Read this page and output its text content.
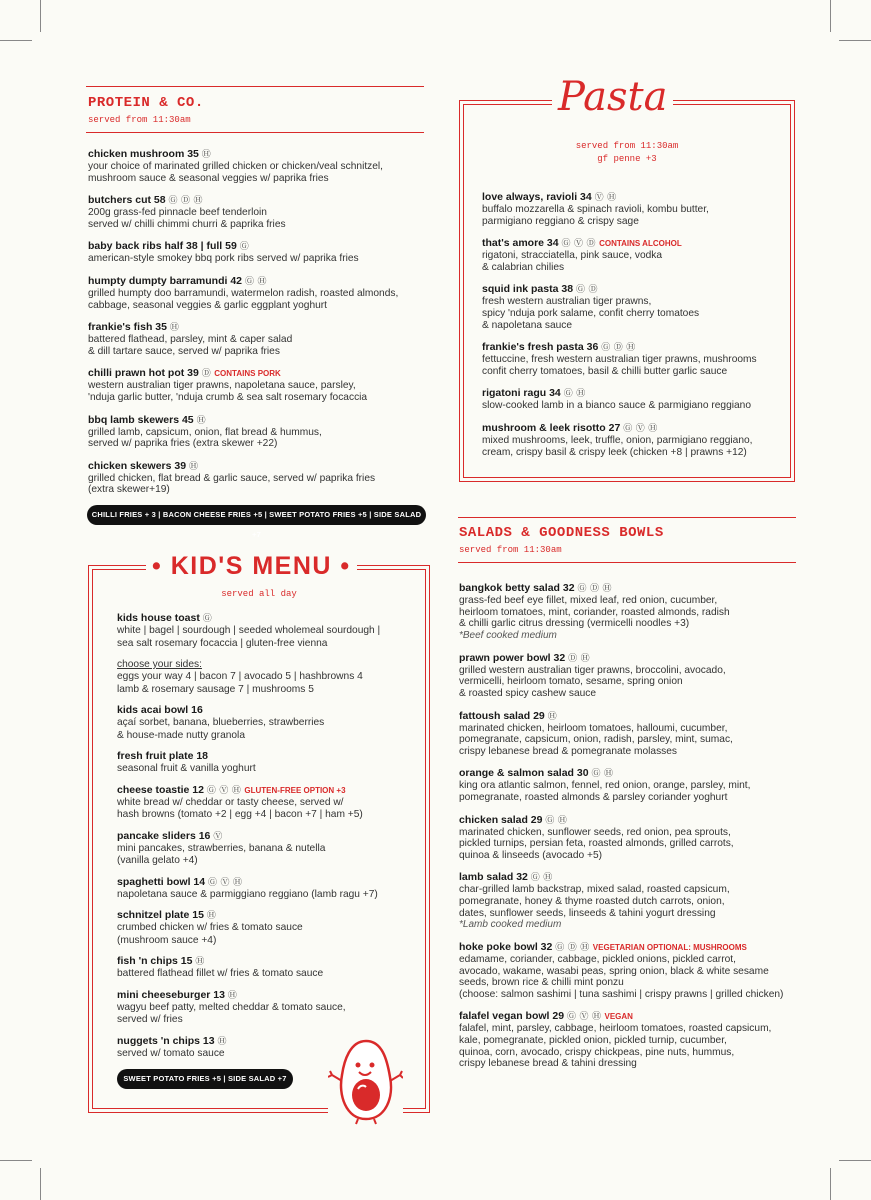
PROTEIN & CO.
served from 11:30am
chicken mushroom 35 Ⓗ
your choice of marinated grilled chicken or chicken/veal schnitzel,
mushroom sauce & seasonal veggies w/ paprika fries
butchers cut 58 Ⓖ Ⓓ Ⓗ
200g grass-fed pinnacle beef tenderloin
served w/ chilli chimmi churri & paprika fries
baby back ribs half 38 | full 59 Ⓖ
american-style smokey bbq pork ribs served w/ paprika fries
humpty dumpty barramundi 42 Ⓖ Ⓗ
grilled humpty doo barramundi, watermelon radish, roasted almonds,
cabbage, seasonal veggies & garlic eggplant yoghurt
frankie's fish 35 Ⓗ
battered flathead, parsley, mint & caper salad
& dill tartare sauce, served w/ paprika fries
chilli prawn hot pot 39 Ⓓ CONTAINS PORK
western australian tiger prawns, napoletana sauce, parsley,
'nduja garlic butter, 'nduja crumb & sea salt rosemary focaccia
bbq lamb skewers 45 Ⓗ
grilled lamb, capsicum, onion, flat bread & hummus,
served w/ paprika fries (extra skewer +22)
chicken skewers 39 Ⓗ
grilled chicken, flat bread & garlic sauce, served w/ paprika fries
(extra skewer+19)
CHILLI FRIES + 3 | BACON CHEESE FRIES +5 | SWEET POTATO FRIES +5 | SIDE SALAD +7
Pasta
served from 11:30am
gf penne +3
love always, ravioli 34 Ⓥ Ⓗ
buffalo mozzarella & spinach ravioli, kombu butter,
parmigiano reggiano & crispy sage
that's amore 34 Ⓖ Ⓥ Ⓓ CONTAINS ALCOHOL
rigatoni, stracciatella, pink sauce, vodka
& calabrian chilies
squid ink pasta 38 Ⓖ Ⓓ
fresh western australian tiger prawns,
spicy 'nduja pork salame, confit cherry tomatoes
& napoletana sauce
frankie's fresh pasta 36 Ⓖ Ⓓ Ⓗ
fettuccine, fresh western australian tiger prawns, mushrooms
confit cherry tomatoes, basil & chilli butter garlic sauce
rigatoni ragu 34 Ⓖ Ⓗ
slow-cooked lamb in a bianco sauce & parmigiano reggiano
mushroom & leek risotto 27 Ⓖ Ⓥ Ⓗ
mixed mushrooms, leek, truffle, onion, parmigiano reggiano,
cream, crispy basil & crispy leek (chicken +8 | prawns +12)
SALADS & GOODNESS BOWLS
served from 11:30am
bangkok betty salad 32 Ⓖ Ⓓ Ⓗ
grass-fed beef eye fillet, mixed leaf, red onion, cucumber,
heirloom tomatoes, mint, coriander, roasted almonds, radish
& chilli garlic citrus dressing (vermicelli noodles +3)
*Beef cooked medium
prawn power bowl 32 Ⓓ Ⓗ
grilled western australian tiger prawns, broccolini, avocado,
vermicelli, heirloom tomato, sesame, spring onion
& roasted spicy cashew sauce
fattoush salad 29 Ⓗ
marinated chicken, heirloom tomatoes, halloumi, cucumber,
pomegranate, capsicum, onion, radish, parsley, mint, sumac,
crispy lebanese bread & pomegranate molasses
orange & salmon salad 30 Ⓖ Ⓗ
king ora atlantic salmon, fennel, red onion, orange, parsley, mint,
pomegranate, roasted almonds & parsley coriander yoghurt
chicken salad 29 Ⓖ Ⓗ
marinated chicken, sunflower seeds, red onion, pea sprouts,
pickled turnips, persian feta, roasted almonds, grilled carrots,
quinoa & linseeds (avocado +5)
lamb salad 32 Ⓖ Ⓗ
char-grilled lamb backstrap, mixed salad, roasted capsicum,
pomegranate, honey & thyme roasted dutch carrots, onion,
dates, sunflower seeds, linseeds & tahini yogurt dressing
*Lamb cooked medium
hoke poke bowl 32 Ⓖ Ⓓ Ⓗ VEGETARIAN OPTIONAL: MUSHROOMS
edamame, coriander, cabbage, pickled onions, pickled carrot,
avocado, wakame, wasabi peas, spring onion, black & white sesame
seeds, brown rice & chilli mint ponzu
(choose: salmon sashimi | tuna sashimi | crispy prawns | grilled chicken)
falafel vegan bowl 29 Ⓖ Ⓥ Ⓗ VEGAN
falafel, mint, parsley, cabbage, heirloom tomatoes, roasted capsicum,
kale, pomegranate, pickled onion, pickled turnip, cucumber,
quinoa, corn, avocado, crispy chickpeas, pine nuts, hummus,
crispy lebanese bread & tahini dressing
• KID'S MENU •
served all day
kids house toast Ⓖ
white | bagel | sourdough | seeded wholemeal sourdough |
sea salt rosemary focaccia | gluten-free vienna
choose your sides:
eggs your way 4 | bacon 7 | avocado 5 | hashbrowns 4
lamb & rosemary sausage 7 | mushrooms 5
kids acai bowl 16
açaí sorbet, banana, blueberries, strawberries
& house-made nutty granola
fresh fruit plate 18
seasonal fruit & vanilla yoghurt
cheese toastie 12 Ⓖ Ⓥ Ⓗ GLUTEN-FREE OPTION +3
white bread w/ cheddar or tasty cheese, served w/
hash browns (tomato +2 | egg +4 | bacon +7 | ham +5)
pancake sliders 16 Ⓥ
mini pancakes, strawberries, banana & nutella
(vanilla gelato +4)
spaghetti bowl 14 Ⓖ Ⓥ Ⓗ
napoletana sauce & parmiggiano reggiano (lamb ragu +7)
schnitzel plate 15 Ⓗ
crumbed chicken w/ fries & tomato sauce
(mushroom sauce +4)
fish 'n chips 15 Ⓗ
battered flathead fillet w/ fries & tomato sauce
mini cheeseburger 13 Ⓗ
wagyu beef patty, melted cheddar & tomato sauce,
served w/ fries
nuggets 'n chips 13 Ⓗ
served w/ tomato sauce
SWEET POTATO FRIES +5 | SIDE SALAD +7
